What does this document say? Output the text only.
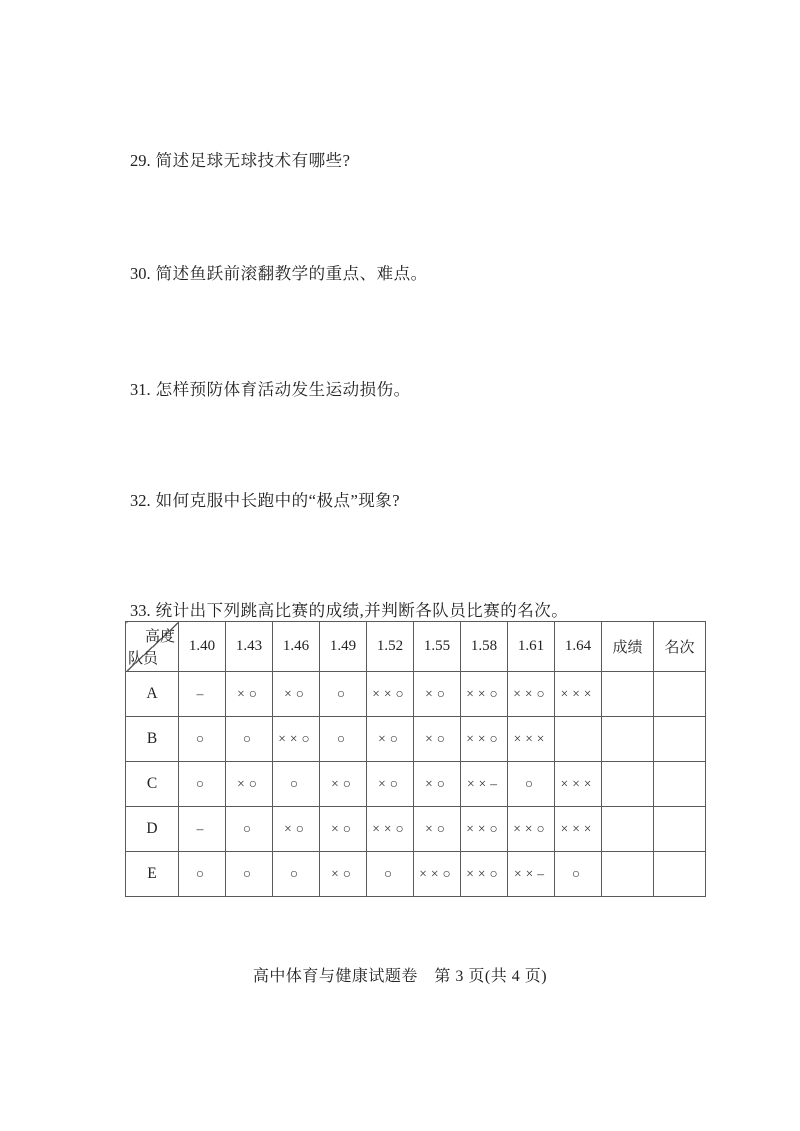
29. 简述足球无球技术有哪些?
30. 简述鱼跃前滚翻教学的重点、难点。
31. 怎样预防体育活动发生运动损伤。
32. 如何克服中长跑中的“极点”现象?
33. 统计出下列跳高比赛的成绩,并判断各队员比赛的名次。
高度
队员	1.40	1.43	1.46	1.49	1.52	1.55	1.58	1.61	1.64	成绩	名次
A	–	×○	×○	○	××○	×○	××○	××○	×××		
B	○	○	××○	○	×○	×○	××○	×××			
C	○	×○	○	×○	×○	×○	××–	○	×××		
D	–	○	×○	×○	××○	×○	××○	××○	×××		
E	○	○	○	×○	○	××○	××○	××–	○		
高中体育与健康试题卷　第 3 页(共 4 页)
